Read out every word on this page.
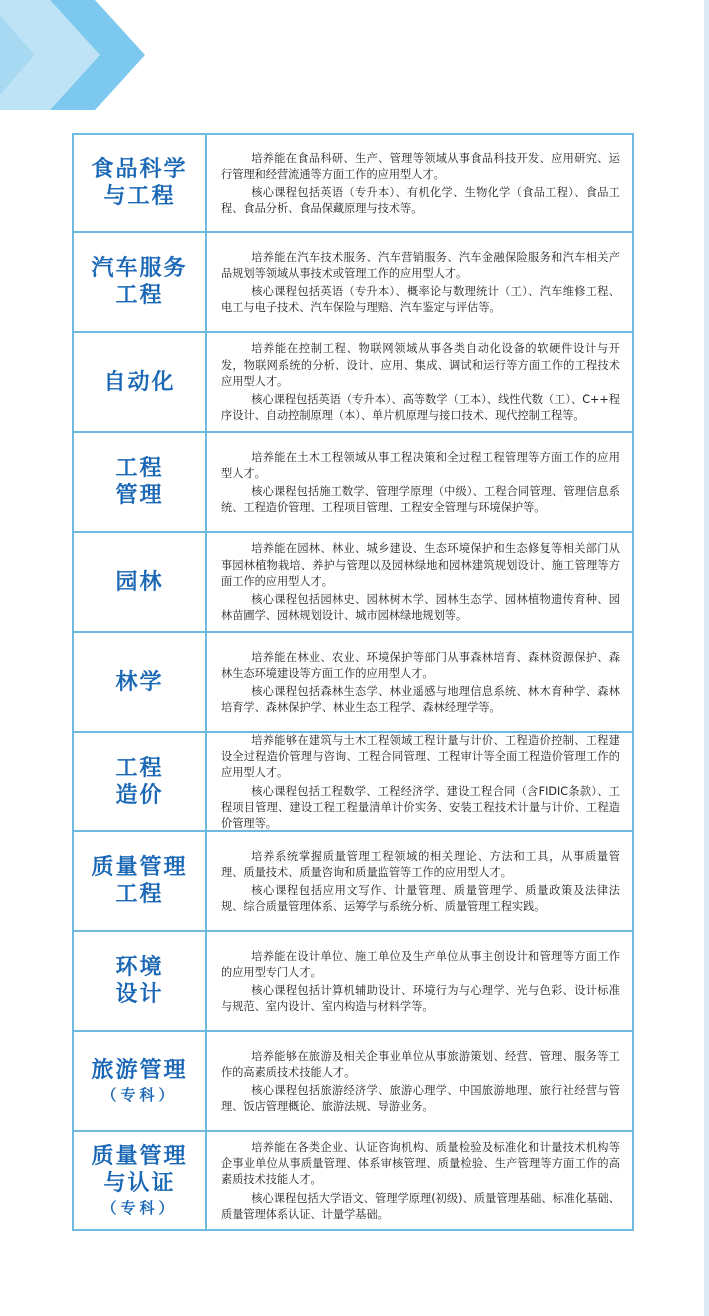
食品科学
与工程

培养能在食品科研、生产、管理等领域从事食品科技开发、应用研究、运行管理和经营流通等方面工作的应用型人才。

核心课程包括英语（专升本）、有机化学、生物化学（食品工程）、食品工程、食品分析、食品保藏原理与技术等。

汽车服务
工程

培养能在汽车技术服务、汽车营销服务、汽车金融保险服务和汽车相关产品规划等领域从事技术或管理工作的应用型人才。

核心课程包括英语（专升本）、概率论与数理统计（工）、汽车维修工程、电工与电子技术、汽车保险与理赔、汽车鉴定与评估等。

自动化

培养能在控制工程、物联网领域从事各类自动化设备的软硬件设计与开发，物联网系统的分析、设计、应用、集成、调试和运行等方面工作的工程技术应用型人才。

核心课程包括英语（专升本）、高等数学（工本）、线性代数（工）、C++程序设计、自动控制原理（本）、单片机原理与接口技术、现代控制工程等。

工程
管理

培养能在土木工程领域从事工程决策和全过程工程管理等方面工作的应用型人才。

核心课程包括施工数学、管理学原理（中级）、工程合同管理、管理信息系统、工程造价管理、工程项目管理、工程安全管理与环境保护等。

园林

培养能在园林、林业、城乡建设、生态环境保护和生态修复等相关部门从事园林植物栽培、养护与管理以及园林绿地和园林建筑规划设计、施工管理等方面工作的应用型人才。

核心课程包括园林史、园林树木学、园林生态学、园林植物遗传育种、园林苗圃学、园林规划设计、城市园林绿地规划等。

林学

培养能在林业、农业、环境保护等部门从事森林培育、森林资源保护、森林生态环境建设等方面工作的应用型人才。

核心课程包括森林生态学、林业遥感与地理信息系统、林木育种学、森林培育学、森林保护学、林业生态工程学、森林经理学等。

工程
造价

培养能够在建筑与土木工程领域工程计量与计价、工程造价控制、工程建设全过程造价管理与咨询、工程合同管理、工程审计等全面工程造价管理工作的应用型人才。

核心课程包括工程数学、工程经济学、建设工程合同（含FIDIC条款）、工程项目管理、建设工程工程量清单计价实务、安装工程技术计量与计价、工程造价管理等。

质量管理
工程

培养系统掌握质量管理工程领域的相关理论、方法和工具，从事质量管理、质量技术、质量咨询和质量监管等工作的应用型人才。

核心课程包括应用文写作、计量管理、质量管理学、质量政策及法律法规、综合质量管理体系、运筹学与系统分析、质量管理工程实践。

环境
设计

培养能在设计单位、施工单位及生产单位从事主创设计和管理等方面工作的应用型专门人才。

核心课程包括计算机辅助设计、环境行为与心理学、光与色彩、设计标准与规范、室内设计、室内构造与材料学等。

旅游管理
（专科）

培养能够在旅游及相关企事业单位从事旅游策划、经营、管理、服务等工作的高素质技术技能人才。

核心课程包括旅游经济学、旅游心理学、中国旅游地理、旅行社经营与管理、饭店管理概论、旅游法规、导游业务。

质量管理
与认证
（专科）

培养能在各类企业、认证咨询机构、质量检验及标准化和计量技术机构等企事业单位从事质量管理、体系审核管理、质量检验、生产管理等方面工作的高素质技术技能人才。

核心课程包括大学语文、管理学原理(初级)、质量管理基础、标准化基础、质量管理体系认证、计量学基础。
